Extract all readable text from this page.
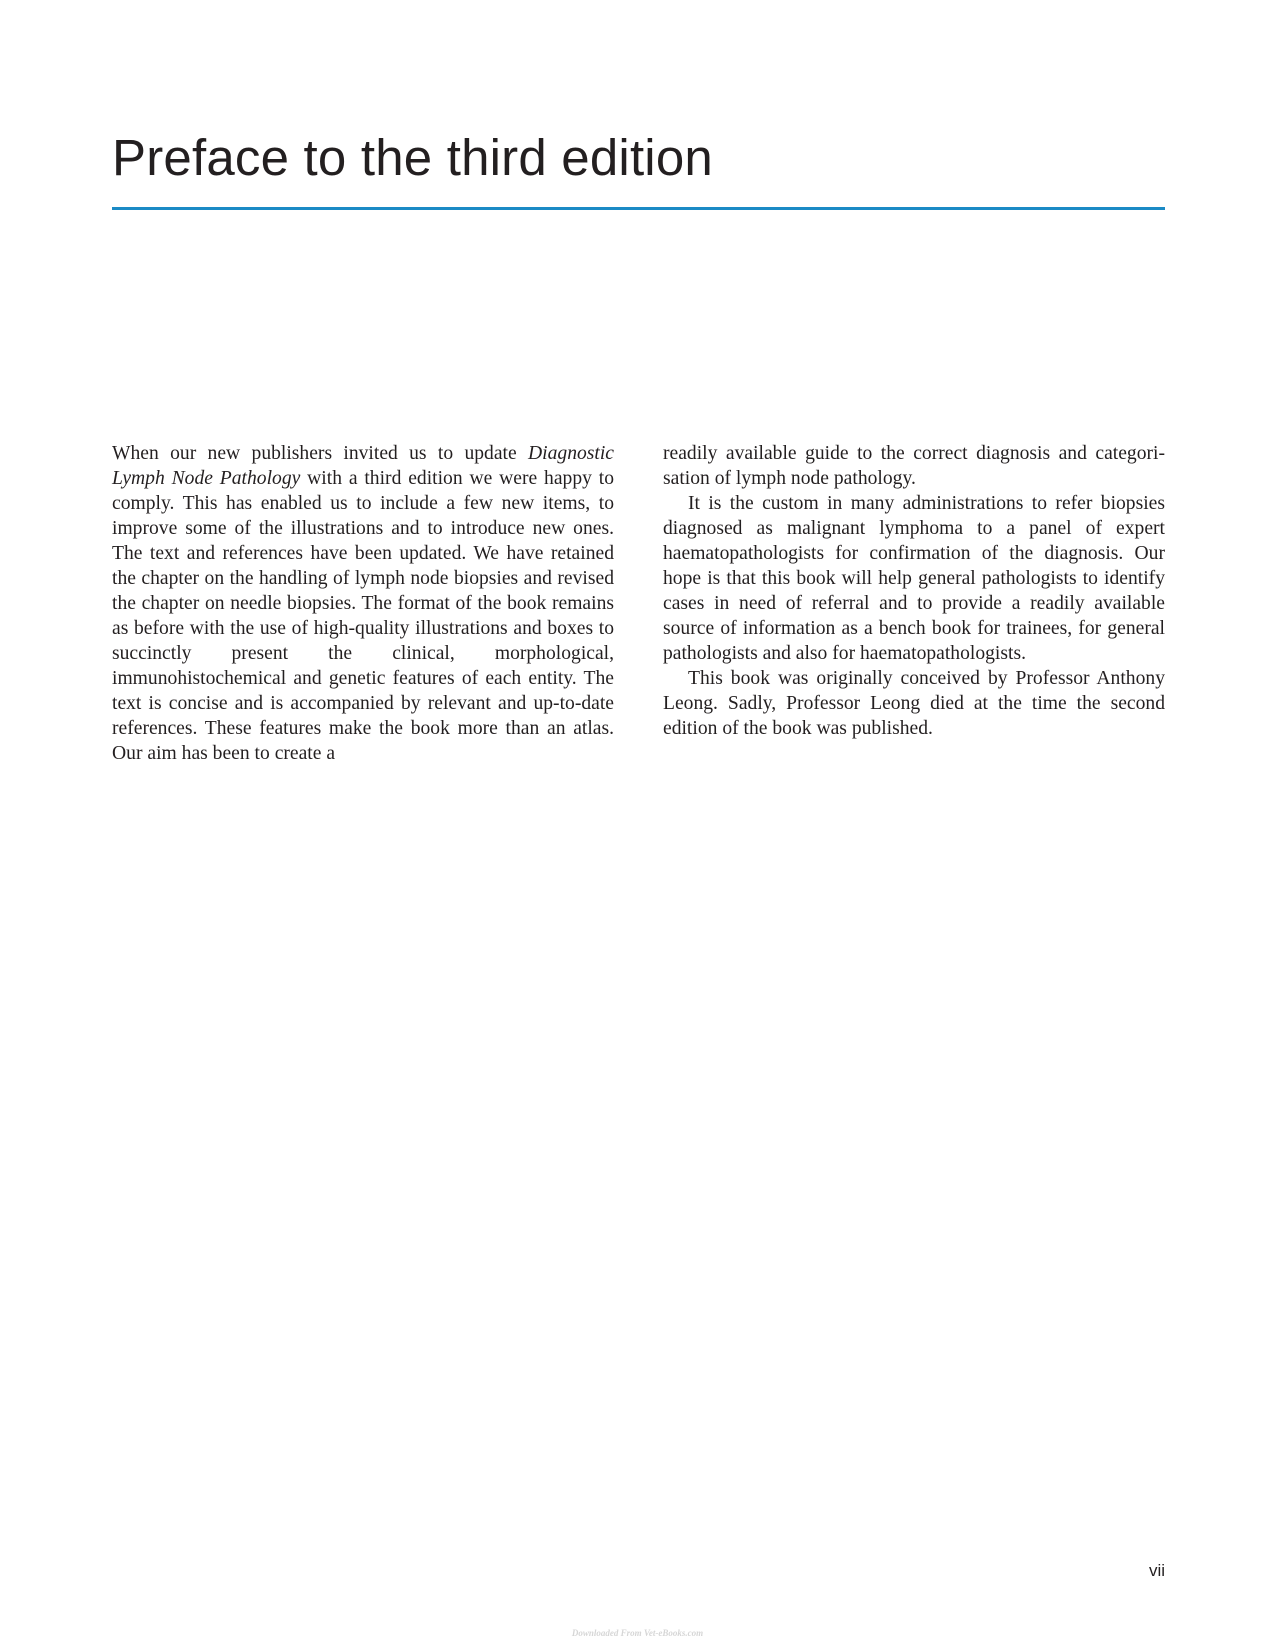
Preface to the third edition

When our new publishers invited us to update Diagnostic Lymph Node Pathology with a third edition we were happy to comply. This has enabled us to include a few new items, to improve some of the illustrations and to introduce new ones. The text and references have been updated. We have retained the chapter on the handling of lymph node biopsies and revised the chapter on needle biopsies. The format of the book remains as before with the use of high-quality illustrations and boxes to succinctly present the clinical, morphological, immunohistochemical and genetic features of each entity. The text is concise and is accompanied by relevant and up-to-date references. These features make the book more than an atlas. Our aim has been to create a

readily available guide to the correct diagnosis and categorisation of lymph node pathology.

It is the custom in many administrations to refer biopsies diagnosed as malignant lymphoma to a panel of expert haematopathologists for confirmation of the diagnosis. Our hope is that this book will help general pathologists to identify cases in need of referral and to provide a readily available source of information as a bench book for trainees, for general pathologists and also for haematopathologists.

This book was originally conceived by Professor Anthony Leong. Sadly, Professor Leong died at the time the second edition of the book was published.

vii
Downloaded From Vet-eBooks.com
